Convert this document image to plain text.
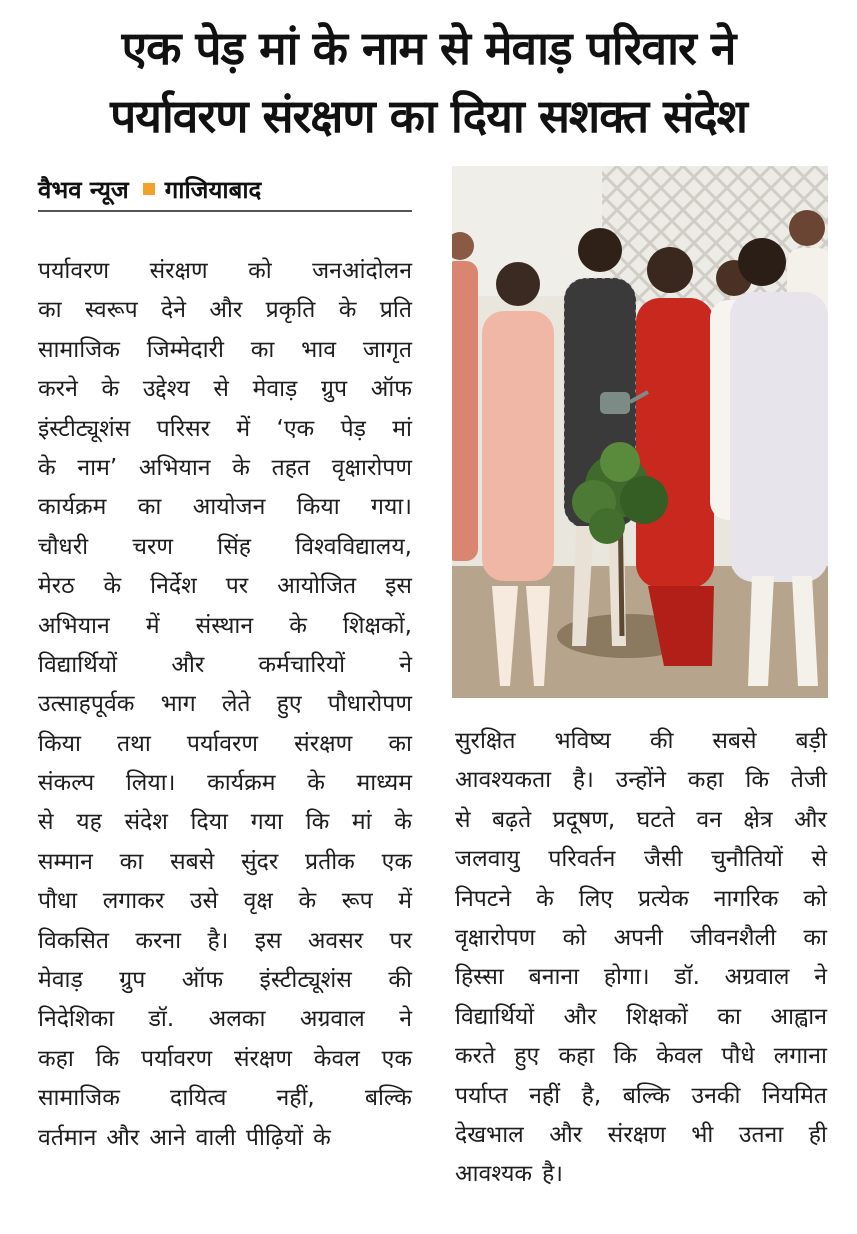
एक पेड़ मां के नाम से मेवाड़ परिवार ने
पर्यावरण संरक्षण का दिया सशक्त संदेश
वैभव न्यूज गाजियाबाद
पर्यावरण संरक्षण को जनआंदोलन
का स्वरूप देने और प्रकृति के प्रति
सामाजिक जिम्मेदारी का भाव जागृत
करने के उद्देश्य से मेवाड़ ग्रुप ऑफ
इंस्टीट्यूशंस परिसर में ‘एक पेड़ मां
के नाम’ अभियान के तहत वृक्षारोपण
कार्यक्रम का आयोजन किया गया।
चौधरी चरण सिंह विश्वविद्यालय,
मेरठ के निर्देश पर आयोजित इस
अभियान में संस्थान के शिक्षकों,
विद्यार्थियों और कर्मचारियों ने
उत्साहपूर्वक भाग लेते हुए पौधारोपण
किया तथा पर्यावरण संरक्षण का
संकल्प लिया। कार्यक्रम के माध्यम
से यह संदेश दिया गया कि मां के
सम्मान का सबसे सुंदर प्रतीक एक
पौधा लगाकर उसे वृक्ष के रूप में
विकसित करना है। इस अवसर पर
मेवाड़ ग्रुप ऑफ इंस्टीट्यूशंस की
निदेशिका डॉ. अलका अग्रवाल ने
कहा कि पर्यावरण संरक्षण केवल एक
सामाजिक दायित्व नहीं, बल्कि
वर्तमान और आने वाली पीढ़ियों के
सुरक्षित भविष्य की सबसे बड़ी
आवश्यकता है। उन्होंने कहा कि तेजी
से बढ़ते प्रदूषण, घटते वन क्षेत्र और
जलवायु परिवर्तन जैसी चुनौतियों से
निपटने के लिए प्रत्येक नागरिक को
वृक्षारोपण को अपनी जीवनशैली का
हिस्सा बनाना होगा। डॉ. अग्रवाल ने
विद्यार्थियों और शिक्षकों का आह्वान
करते हुए कहा कि केवल पौधे लगाना
पर्याप्त नहीं है, बल्कि उनकी नियमित
देखभाल और संरक्षण भी उतना ही
आवश्यक है।
